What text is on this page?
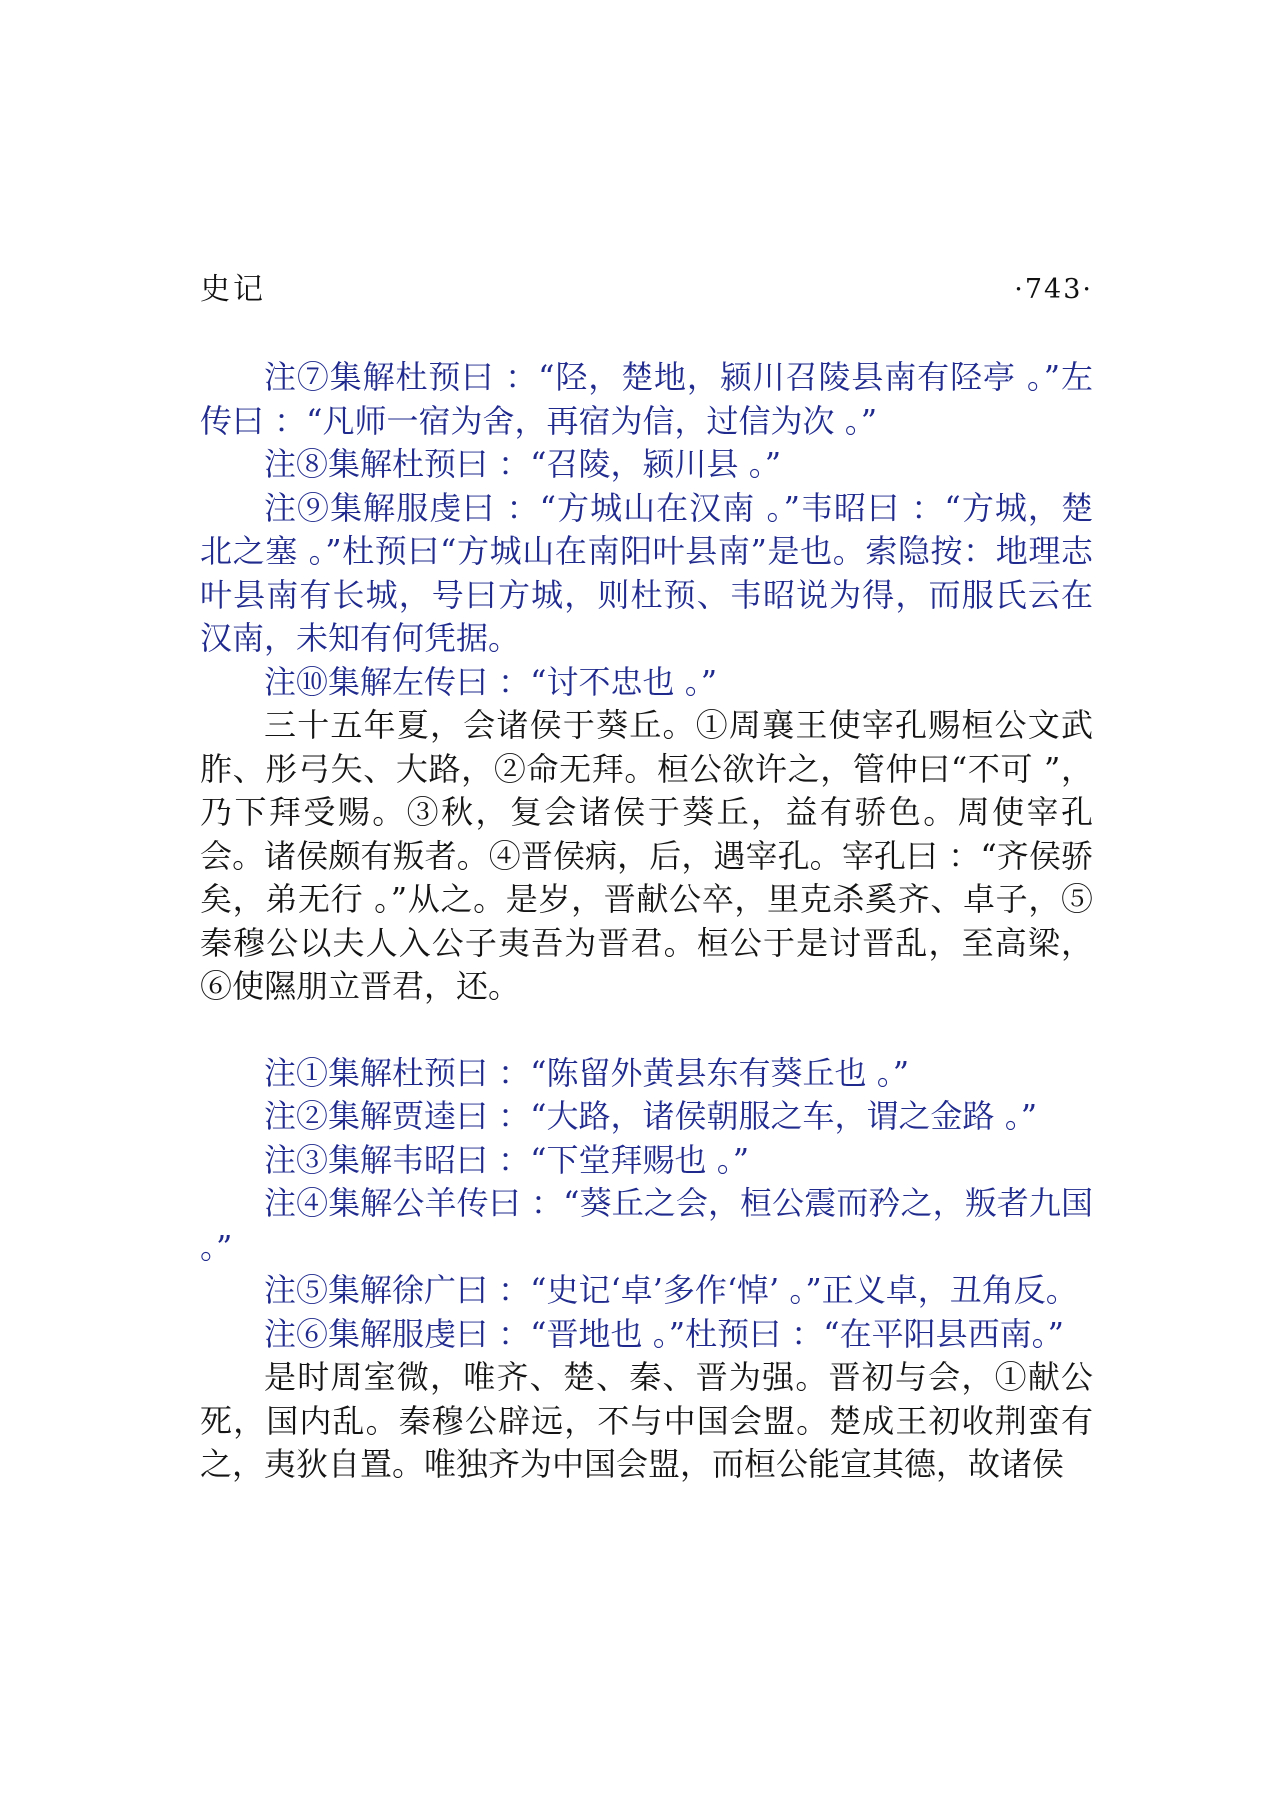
史记	·743·

注⑦集解杜预曰 ：“陉，楚地，颍川召陵县南有陉亭 。”左传曰 ：“凡师一宿为舍，再宿为信，过信为次 。”

注⑧集解杜预曰 ：“召陵，颍川县 。”

注⑨集解服虔曰 ：“方城山在汉南 。”韦昭曰 ：“方城，楚北之塞 。”杜预曰“方城山在南阳叶县南”是也。索隐按：地理志叶县南有长城，号曰方城，则杜预、韦昭说为得，而服氏云在汉南，未知有何凭据。

注⑩集解左传曰 ：“讨不忠也 。”

三十五年夏，会诸侯于葵丘。①周襄王使宰孔赐桓公文武胙、彤弓矢、大路，②命无拜。桓公欲许之，管仲曰“不可 ”，乃下拜受赐。③秋，复会诸侯于葵丘，益有骄色。周使宰孔会。诸侯颇有叛者。④晋侯病，后，遇宰孔。宰孔曰 ：“齐侯骄矣，弟无行 。”从之。是岁，晋献公卒，里克杀奚齐、卓子，⑤秦穆公以夫人入公子夷吾为晋君。桓公于是讨晋乱，至高梁，⑥使隰朋立晋君，还。

注①集解杜预曰 ：“陈留外黄县东有葵丘也 。”

注②集解贾逵曰 ：“大路，诸侯朝服之车，谓之金路 。”

注③集解韦昭曰 ：“下堂拜赐也 。”

注④集解公羊传曰 ：“葵丘之会，桓公震而矜之，叛者九国 。”

注⑤集解徐广曰 ：“史记‘卓’多作‘悼’ 。”正义卓，丑角反。

注⑥集解服虔曰 ：“晋地也 。”杜预曰 ：“在平阳县西南。”

是时周室微，唯齐、楚、秦、晋为强。晋初与会，①献公死，国内乱。秦穆公辟远，不与中国会盟。楚成王初收荆蛮有之，夷狄自置。唯独齐为中国会盟，而桓公能宣其德，故诸侯
